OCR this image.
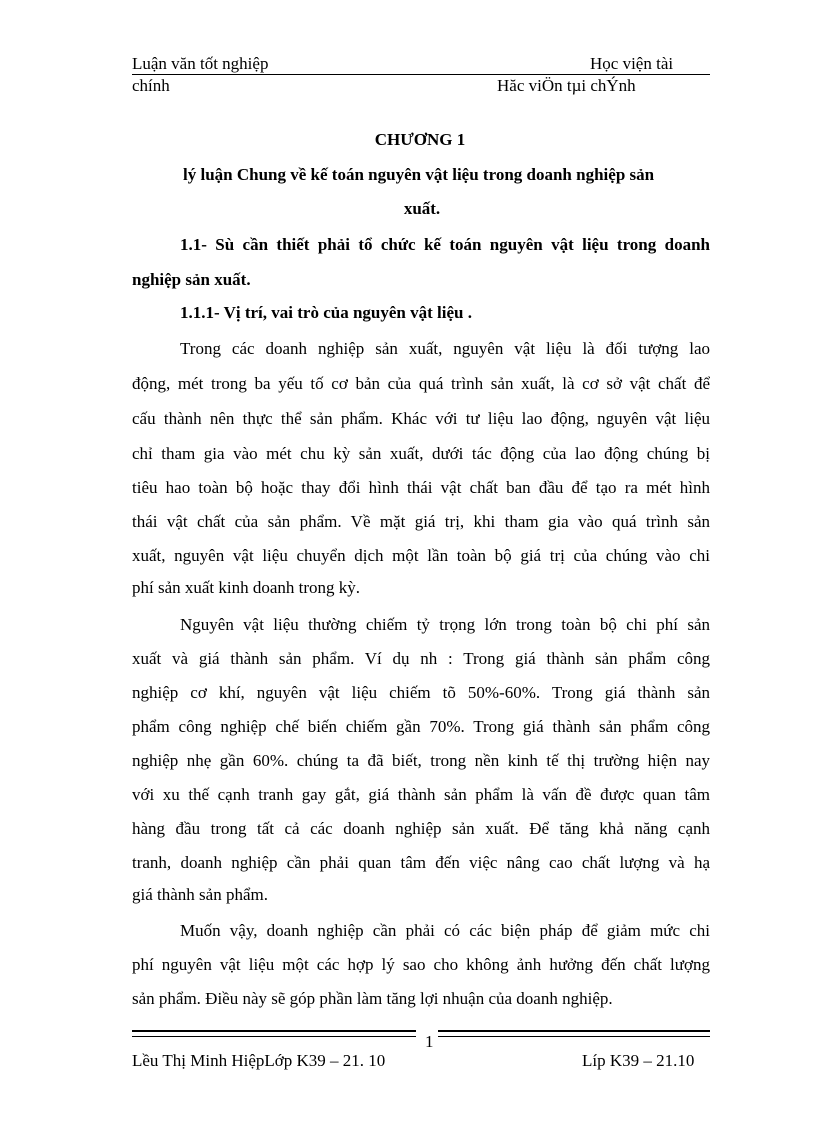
Luận văn tốt nghiệp	Học viện tài
chính	Hăc viÖn tµi chÝnh
CHƯƠNG 1
lý luận Chung về kế toán nguyên vật liệu trong doanh nghiệp sản
xuất.
1.1- Sù cần thiết phải tổ chức kế toán nguyên vật liệu trong doanh
nghiệp sản xuất.
1.1.1- Vị trí, vai trò của nguyên vật liệu .
Trong các doanh nghiệp sản xuất, nguyên vật liệu là đối tượng lao
động, mét trong ba yếu tố cơ bản của quá trình sản xuất, là cơ sở vật chất để
cấu thành nên thực thể sản phẩm. Khác với tư liệu lao động, nguyên vật liệu
chỉ tham gia vào mét chu kỳ sản xuất, dưới tác động của lao động chúng bị
tiêu hao toàn bộ hoặc thay đổi hình thái vật chất ban đầu để tạo ra mét hình
thái vật chất của sản phẩm. Về mặt giá trị, khi tham gia vào quá trình sản
xuất, nguyên vật liệu chuyển dịch một lần toàn bộ giá trị của chúng vào chi
phí sản xuất kinh doanh trong kỳ.
Nguyên vật liệu thường chiếm tỷ trọng lớn trong toàn bộ chi phí sản
xuất và giá thành sản phẩm. Ví dụ nh : Trong giá thành sản phẩm công
nghiệp cơ khí, nguyên vật liệu chiếm tõ 50%-60%. Trong giá thành sản
phẩm công nghiệp chế biến chiếm gần 70%. Trong giá thành sản phẩm công
nghiệp nhẹ gần 60%. chúng ta đã biết, trong nền kinh tế thị trường hiện nay
với xu thế cạnh tranh gay gắt, giá thành sản phẩm là vấn đề được quan tâm
hàng đầu trong tất cả các doanh nghiệp sản xuất. Để tăng khả năng cạnh
tranh, doanh nghiệp cần phải quan tâm đến việc nâng cao chất lượng và hạ
giá thành sản phẩm.
Muốn vậy, doanh nghiệp cần phải có các biện pháp để giảm mức chi
phí nguyên vật liệu một các hợp lý sao cho không ảnh hưởng đến chất lượng
sản phẩm. Điều này sẽ góp phần làm tăng lợi nhuận của doanh nghiệp.
1
Lều Thị Minh HiệpLớp K39 – 21. 10	Líp K39 – 21.10
